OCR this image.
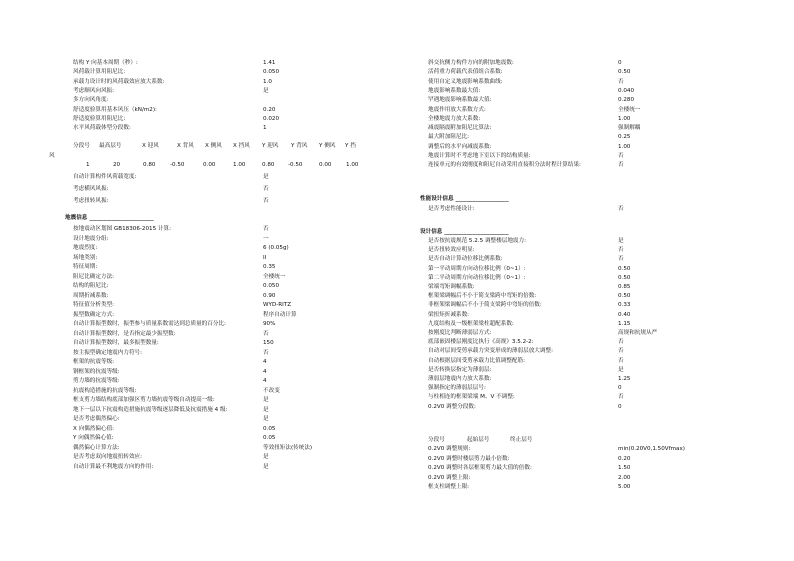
结构 Y 向基本周期（秒）:	1.41
风荷载计算用阻尼比：	0.050
承载力设计时的风荷载效应放大系数:	1.0
考虑顺风向风振:	是
多方向风角度:
舒适度验算用基本风压（kN/m2):	0.20
舒适度验算用阻尼比:	0.020
水平风荷载体型分段数:	1
分段号 最高层号	X 迎风	X 背风 X 侧风 X 挡风 Y 迎风 Y 背风 Y 侧风 Y 挡
风
1	20	0.80	-0.50	0.00	1.00	0.80 -0.50	0.00	1.00
自动计算构件风荷载宽度:	是
考虑横风风振:	否
考虑扭转风振:	否
地震信息 _______________________
按地震动区划图 GB18306-2015 计算:	否
设计地震分组:	一
地震烈度:	6 (0.05g)
场地类别:	II
特征周期:	0.35
阻尼比确定方法:	全楼统一
结构的阻尼比:	0.050
周期折减系数:	0.90
特征值分析类型:	WYD-RITZ
振型数确定方式:	程序自动计算
自动计算振型数时，振型参与质量系数需达到总质量的百分比:	90%
自动计算振型数时，是否指定最少振型数:	否
自动计算振型数时，最多振型数量:	150
按主振型确定地震内力符号:	否
框架的抗震等级:	4
钢框架的抗震等级:	4
剪力墙的抗震等级:	4
抗震构造措施的抗震等级:	不改变
框支剪力墙结构底部加强区剪力墙抗震等级自动提高一级:	是
地下一层以下抗震构造措施抗震等级逐层降低及抗震措施 4 级:	是
是否考虑偶然偏心:	是
X 向偶然偏心值:	0.05
Y 向偶然偏心值:	0.05
偶然偏心计算方法:	等效扭矩法(传统法)
是否考虑双向地震扭转效应:	是
自动计算最不利地震方向的作用:	是
斜交抗侧力构件方向的附加地震数:	0
活荷重力荷载代表值组合系数:	0.50
使用自定义地震影响系数曲线:	否
地震影响系数最大值:	0.040
罕遇地震影响系数最大值:	0.280
地震作用放大系数方式:	全楼统一
全楼地震力放大系数:	1.00
减震隔震附加阻尼比算法:	强制解耦
最大附加阻尼比:	0.25
调整后的水平向减震系数:	1.00
地震计算时不考虑地下室以下的结构质量:	否
连接单元的有效刚度和阻尼自动采用直接积分法时程计算结果:	否
性能设计信息 ___________________
是否考虑性能设计:	否
设计信息 _______________________
是否按抗震规范 5.2.5 调整楼层地震力:	是
是否扭转效应明显:	否
是否自动计算动位移比例系数:	否
第一平动周期方向动位移比例（0~1）:	0.50
第二平动周期方向动位移比例（0~1）:	0.50
梁端弯矩调幅系数:	0.85
框架梁调幅后不小于简支梁跨中弯矩的倍数:	0.50
非框架梁调幅后不小于简支梁跨中弯矩的倍数:	0.33
梁扭矩折减系数:	0.40
九度结构及一级框架梁柱超配系数:	1.15
按刚度比判断薄弱层方式:	高规和抗规从严
底部嵌固楼层刚度比执行《高规》3.5.2-2:	否
自动对层间受剪承载力突变形成的薄弱层放大调整:	否
自动根据层间受剪承载力比值调整配筋:	否
是否转换层指定为薄弱层:	是
薄弱层地震内力放大系数:	1.25
强制指定的薄弱层层号:	0
与柱相连的框架梁端 M、V 不调整:	否
0.2V0 调整分段数:	0
分段号	起始层号	终止层号
0.2V0 调整规则:	min(0.20V0,1.50Vfmax)
0.2V0 调整时楼层剪力最小倍数:	0.20
0.2V0 调整时各层框架剪力最大值的倍数:	1.50
0.2V0 调整上限:	2.00
框支柱调整上限:	5.00
